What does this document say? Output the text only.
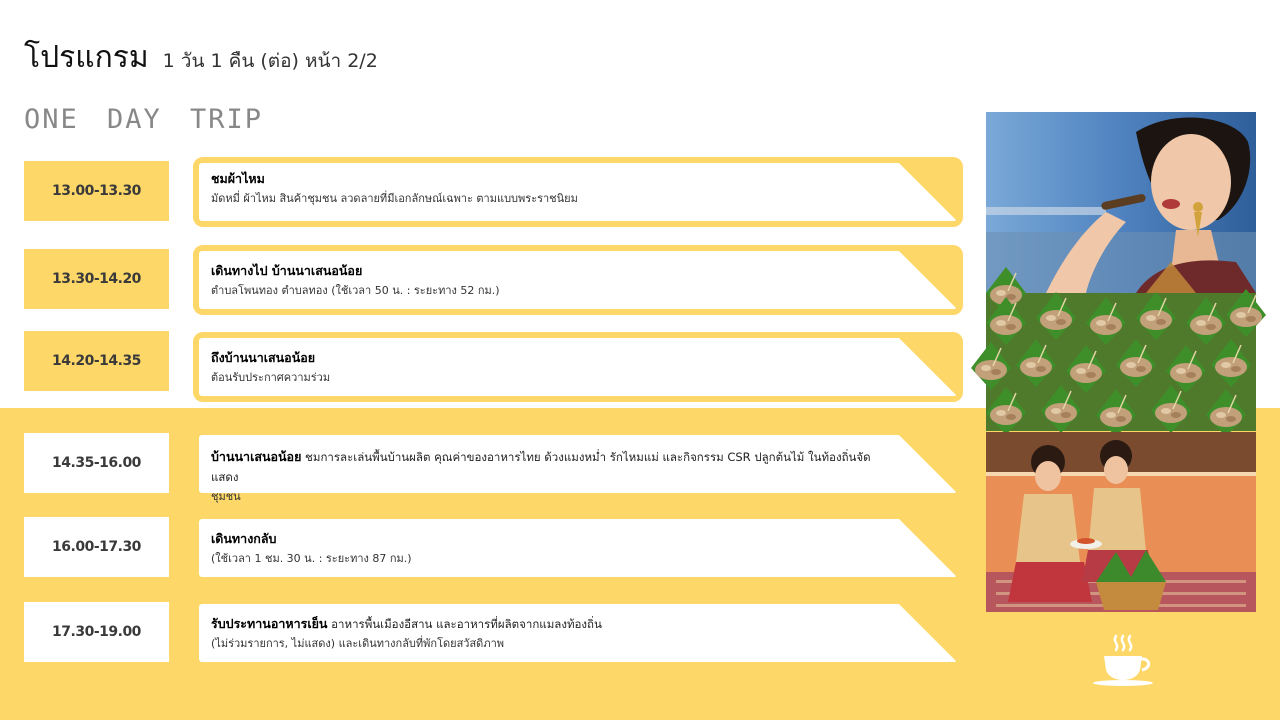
โปรแกรม 1 วัน 1 คืน (ต่อ) หน้า 2/2
ONE DAY TRIP
13.00-13.30
ชมผ้าไหม
มัดหมี่ ผ้าไหม สินค้าชุมชน ลวดลายที่มีเอกลักษณ์เฉพาะ ตามแบบพระราชนิยม
13.30-14.20
เดินทางไป บ้านนาเสนอน้อย
ตำบลโพนทอง ตำบลทอง (ใช้เวลา 50 น. : ระยะทาง 52 กม.)
14.20-14.35	ถึงบ้านนาเสนอน้อย
ต้อนรับประกาศความร่วม
14.35-16.00	บ้านนาเสนอน้อย ชมการละเล่นพื้นบ้านผลิต คุณค่าของอาหารไทย ด้วงแมงหม่ำ รักไหมแม่ และกิจกรรม CSR ปลูกต้นไม้ ในท้องถิ่นจัดแสดง
ชุมชน
16.00-17.30
เดินทางกลับ
(ใช้เวลา 1 ชม. 30 น. : ระยะทาง 87 กม.)
17.30-19.00
รับประทานอาหารเย็น อาหารพื้นเมืองอีสาน และอาหารที่ผลิตจากแมลงท้องถิ่น
(ไม่ร่วมรายการ, ไม่แสดง) และเดินทางกลับที่พักโดยสวัสดิภาพ
